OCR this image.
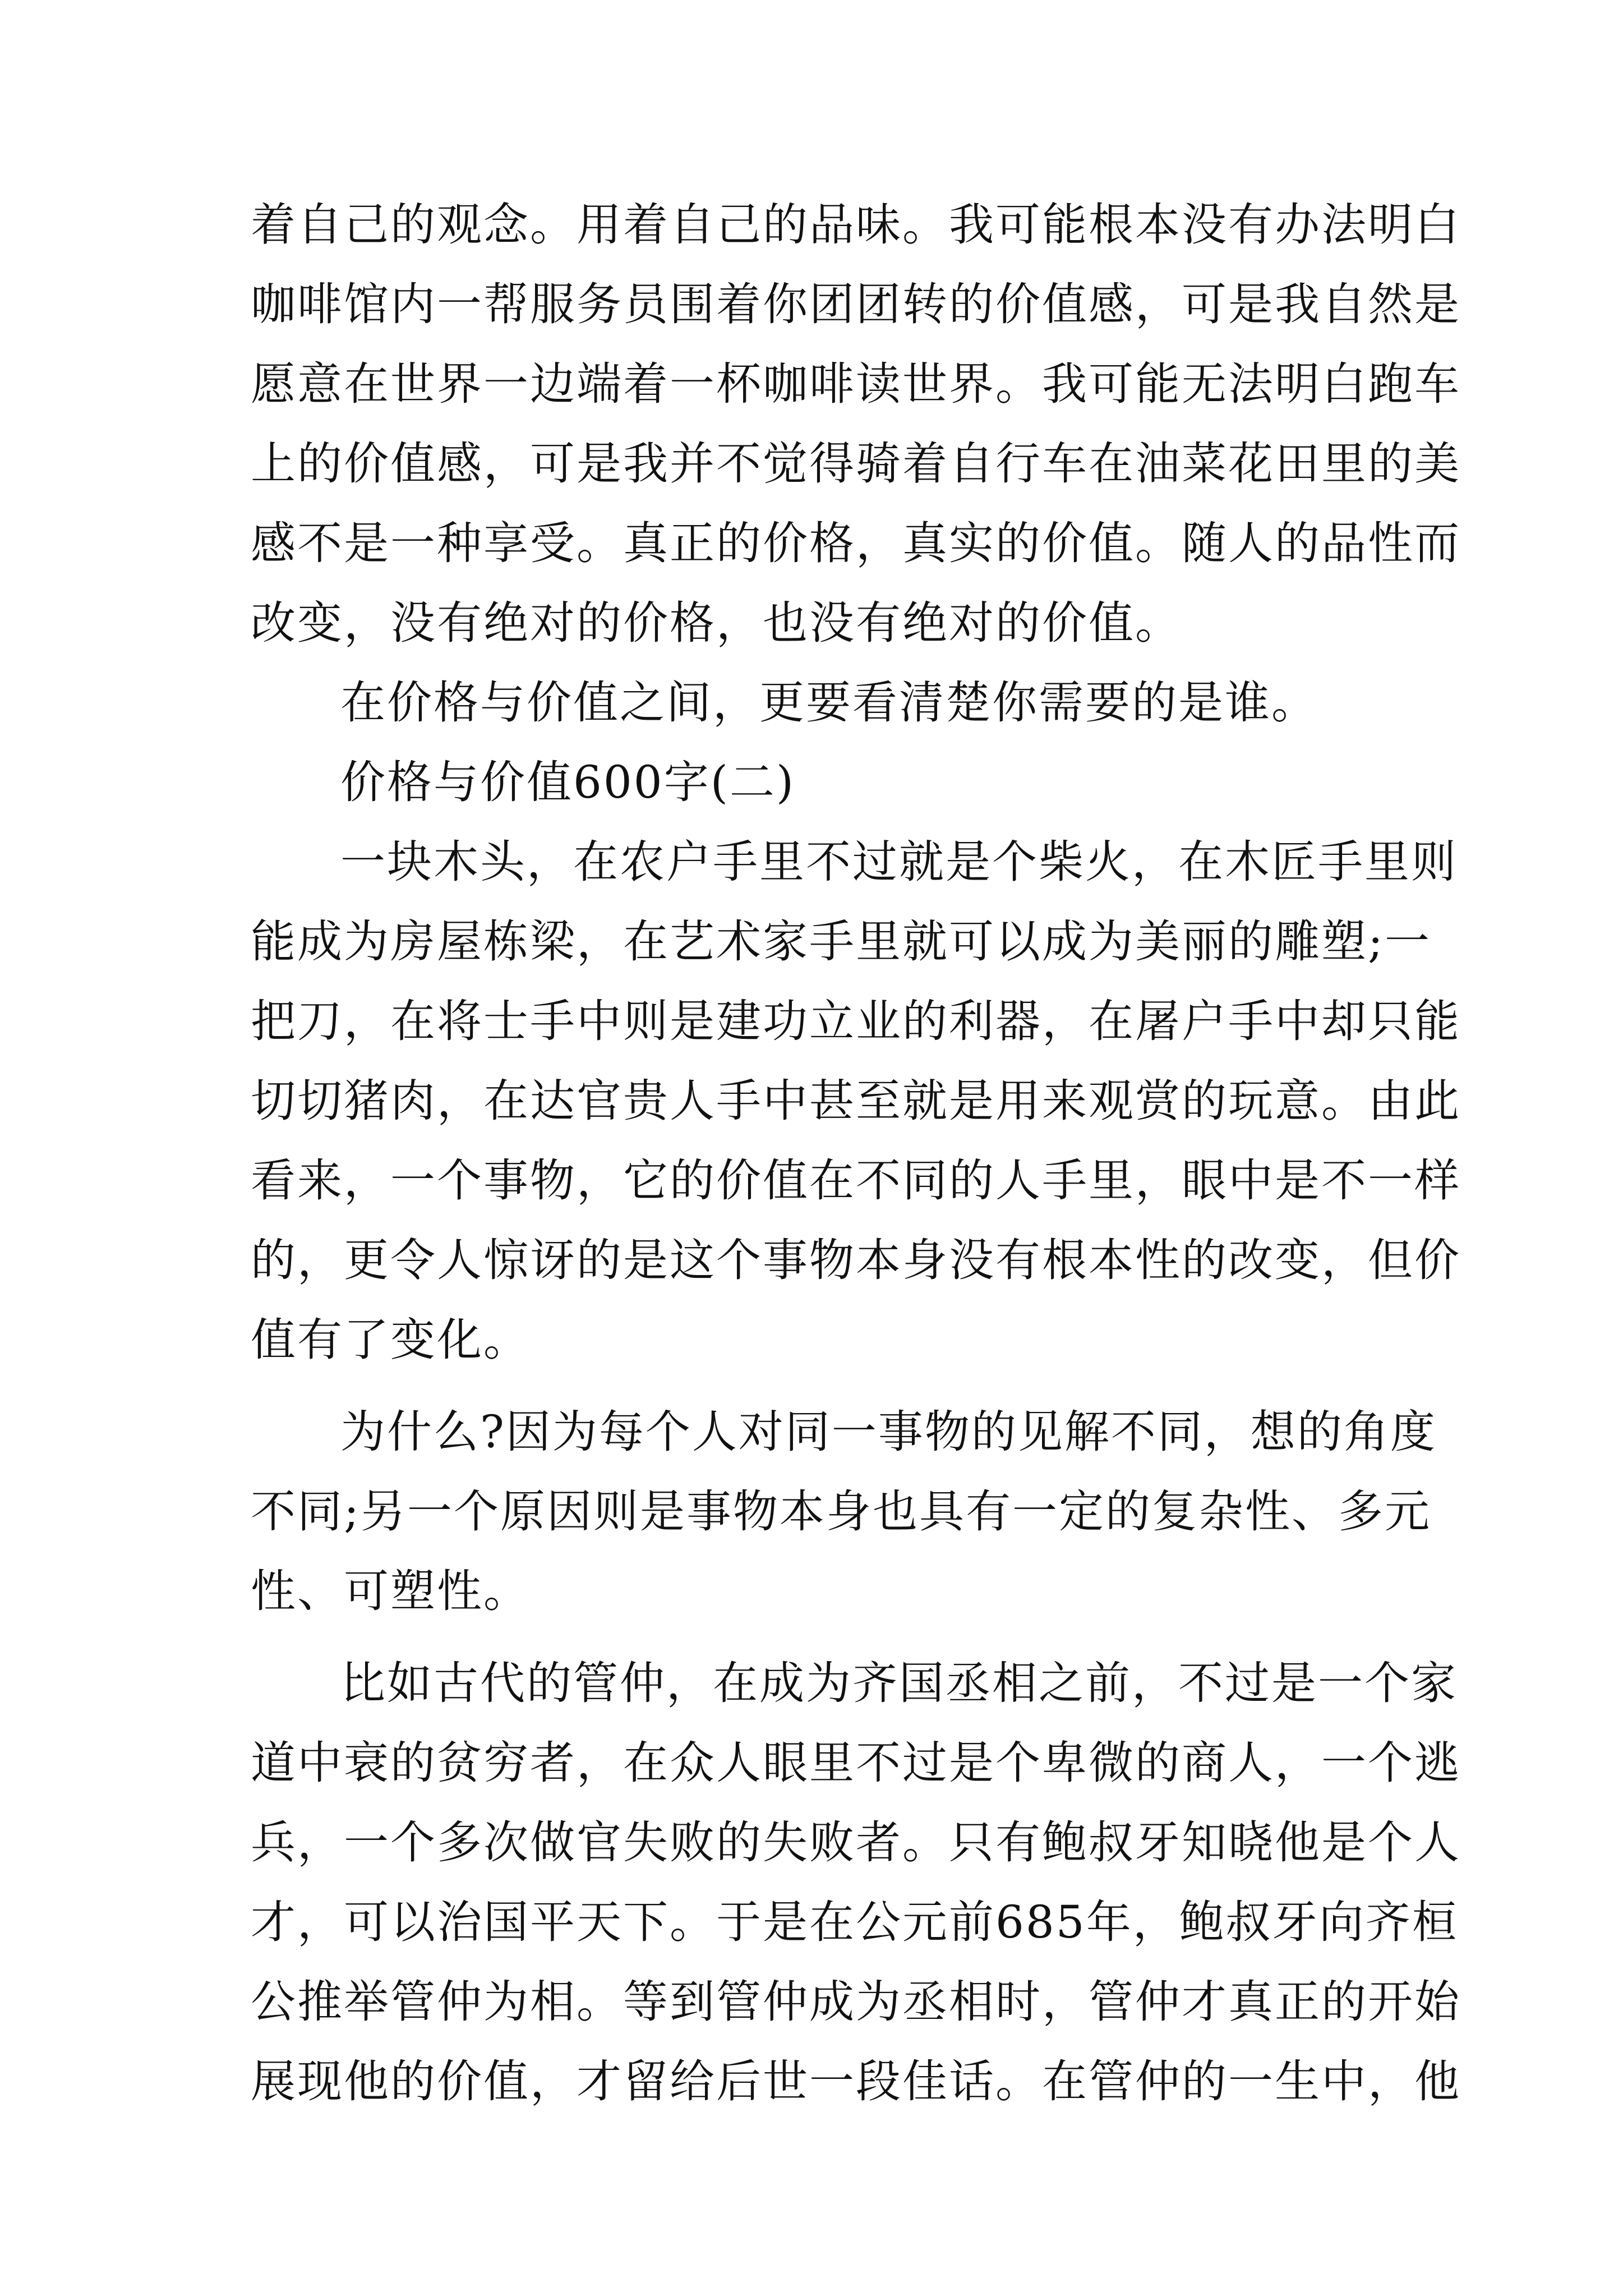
着自己的观念。用着自己的品味。我可能根本没有办法明白
咖啡馆内一帮服务员围着你团团转的价值感，可是我自然是
愿意在世界一边端着一杯咖啡读世界。我可能无法明白跑车
上的价值感，可是我并不觉得骑着自行车在油菜花田里的美
感不是一种享受。真正的价格，真实的价值。随人的品性而
改变，没有绝对的价格，也没有绝对的价值。
在价格与价值之间，更要看清楚你需要的是谁。
价格与价值600字(二)
一块木头，在农户手里不过就是个柴火，在木匠手里则
能成为房屋栋梁，在艺术家手里就可以成为美丽的雕塑;一
把刀，在将士手中则是建功立业的利器，在屠户手中却只能
切切猪肉，在达官贵人手中甚至就是用来观赏的玩意。由此
看来，一个事物，它的价值在不同的人手里，眼中是不一样
的，更令人惊讶的是这个事物本身没有根本性的改变，但价
值有了变化。
为什么?因为每个人对同一事物的见解不同，想的角度
不同;另一个原因则是事物本身也具有一定的复杂性、多元
性、可塑性。
比如古代的管仲，在成为齐国丞相之前，不过是一个家
道中衰的贫穷者，在众人眼里不过是个卑微的商人，一个逃
兵，一个多次做官失败的失败者。只有鲍叔牙知晓他是个人
才，可以治国平天下。于是在公元前685年，鲍叔牙向齐桓
公推举管仲为相。等到管仲成为丞相时，管仲才真正的开始
展现他的价值，才留给后世一段佳话。在管仲的一生中，他
